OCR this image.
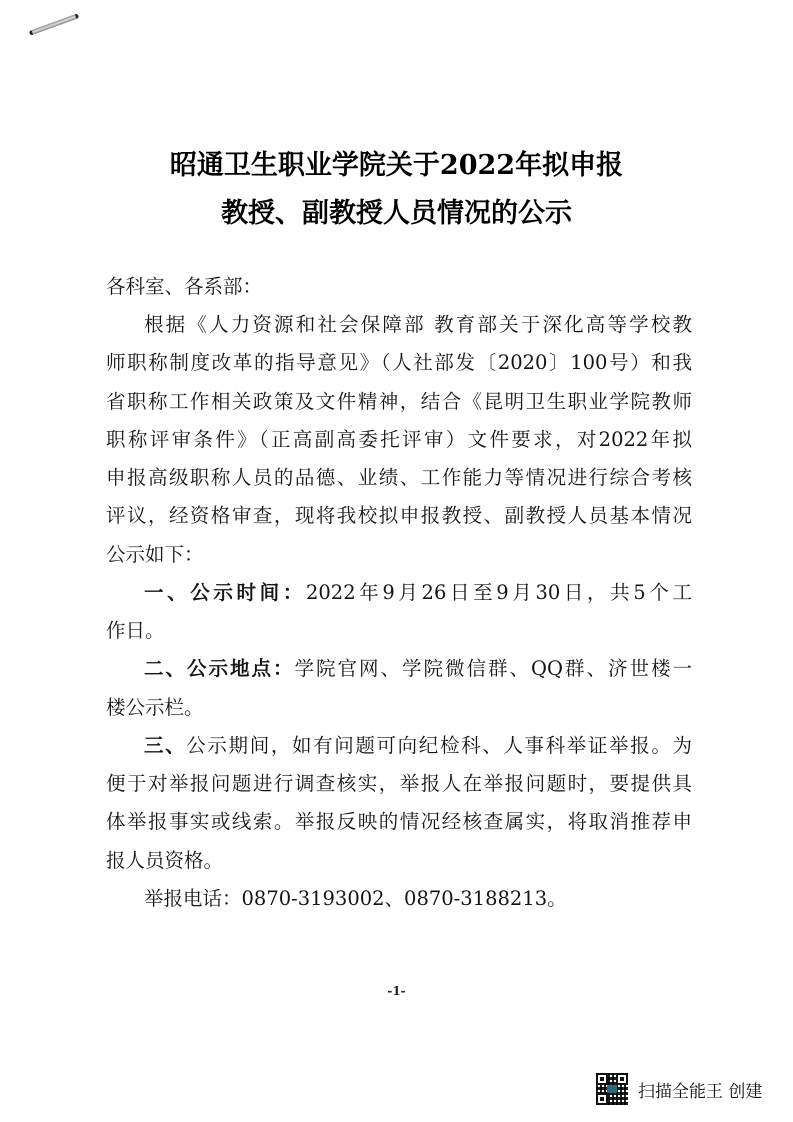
昭通卫生职业学院关于2022年拟申报
教授、副教授人员情况的公示
各科室、各系部：
根据《人力资源和社会保障部 教育部关于深化高等学校教
师职称制度改革的指导意见》（人社部发〔2020〕100号）和我
省职称工作相关政策及文件精神，结合《昆明卫生职业学院教师
职称评审条件》（正高副高委托评审）文件要求，对2022年拟
申报高级职称人员的品德、业绩、工作能力等情况进行综合考核
评议，经资格审查，现将我校拟申报教授、副教授人员基本情况
公示如下：
一、公示时间：2022年9月26日至9月30日，共5个工
作日。
二、公示地点：学院官网、学院微信群、QQ群、济世楼一
楼公示栏。
三、公示期间，如有问题可向纪检科、人事科举证举报。为
便于对举报问题进行调查核实，举报人在举报问题时，要提供具
体举报事实或线索。举报反映的情况经核查属实，将取消推荐申
报人员资格。
举报电话：0870-3193002、0870-3188213。
-1-
扫描全能王 创建
